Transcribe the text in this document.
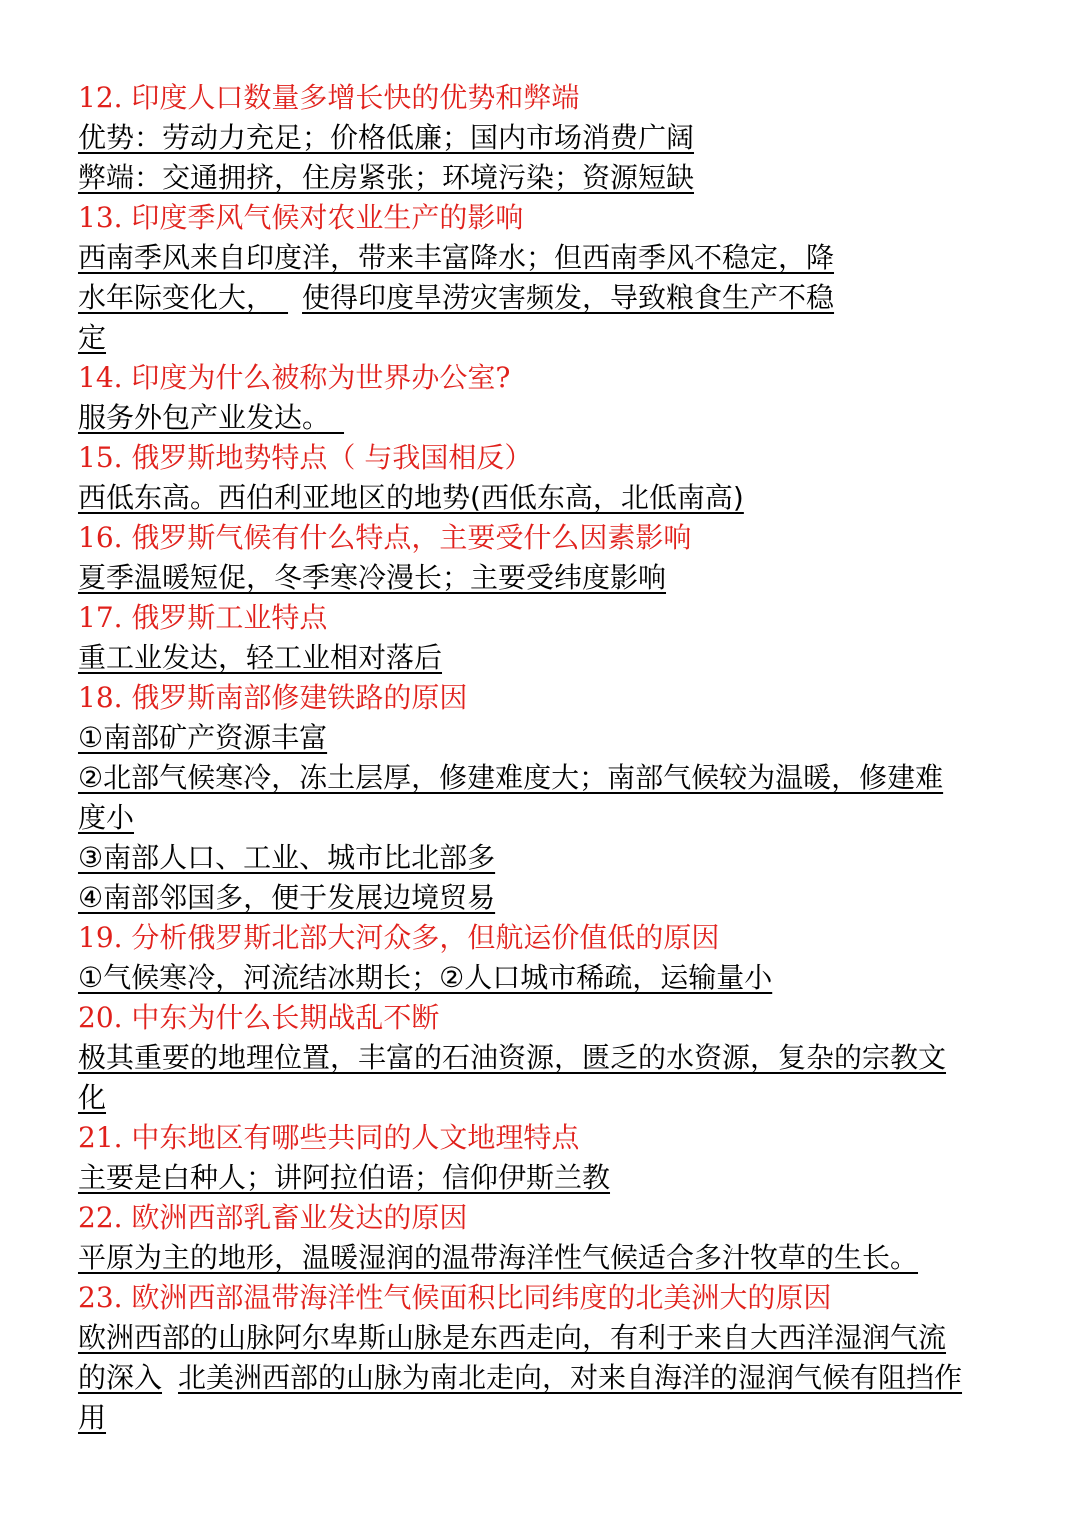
12. 印度人口数量多增长快的优势和弊端
优势：劳动力充足；价格低廉；国内市场消费广阔
弊端：交通拥挤，住房紧张；环境污染；资源短缺
13. 印度季风气候对农业生产的影响
西南季风来自印度洋，带来丰富降水；但西南季风不稳定，降
水年际变化大，　 使得印度旱涝灾害频发，导致粮食生产不稳
定
14. 印度为什么被称为世界办公室?
服务外包产业发达。　
15. 俄罗斯地势特点（ 与我国相反）
西低东高。西伯利亚地区的地势(西低东高，北低南高)
16. 俄罗斯气候有什么特点，主要受什么因素影响
夏季温暖短促，冬季寒冷漫长；主要受纬度影响
17. 俄罗斯工业特点
重工业发达，轻工业相对落后
18. 俄罗斯南部修建铁路的原因
①南部矿产资源丰富
②北部气候寒冷，冻土层厚，修建难度大；南部气候较为温暖，修建难
度小
③南部人口、工业、城市比北部多
④南部邻国多，便于发展边境贸易
19. 分析俄罗斯北部大河众多，但航运价值低的原因
①气候寒冷，河流结冰期长；②人口城市稀疏，运输量小
20. 中东为什么长期战乱不断
极其重要的地理位置，丰富的石油资源，匮乏的水资源，复杂的宗教文
化
21. 中东地区有哪些共同的人文地理特点
主要是白种人；讲阿拉伯语；信仰伊斯兰教
22. 欧洲西部乳畜业发达的原因
平原为主的地形，温暖湿润的温带海洋性气候适合多汁牧草的生长。
23. 欧洲西部温带海洋性气候面积比同纬度的北美洲大的原因
欧洲西部的山脉阿尔卑斯山脉是东西走向，有利于来自大西洋湿润气流
的深入 北美洲西部的山脉为南北走向，对来自海洋的湿润气候有阻挡作
用
